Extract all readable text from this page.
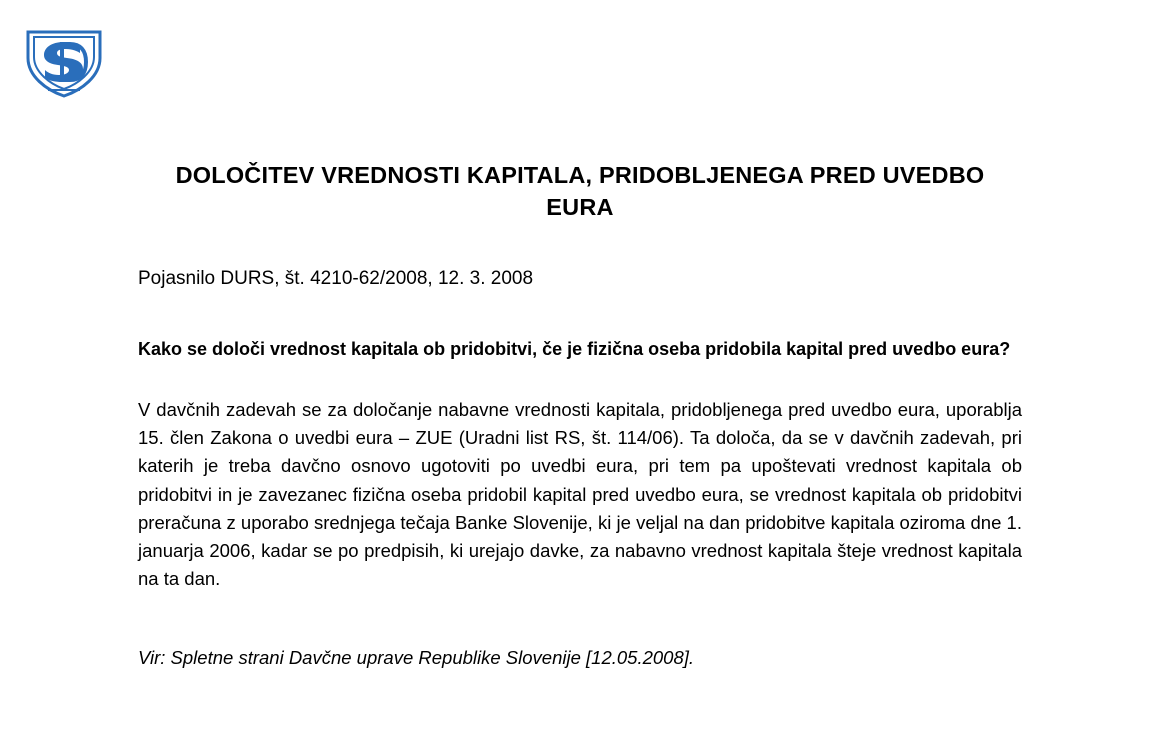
DOLOČITEV VREDNOSTI KAPITALA, PRIDOBLJENEGA PRED UVEDBO EURA

Pojasnilo DURS, št. 4210-62/2008, 12. 3. 2008

Kako se določi vrednost kapitala ob pridobitvi, če je fizična oseba pridobila kapital pred uvedbo eura?

V davčnih zadevah se za določanje nabavne vrednosti kapitala, pridobljenega pred uvedbo eura, uporablja 15. člen Zakona o uvedbi eura – ZUE (Uradni list RS, št. 114/06). Ta določa, da se v davčnih zadevah, pri katerih je treba davčno osnovo ugotoviti po uvedbi eura, pri tem pa upoštevati vrednost kapitala ob pridobitvi in je zavezanec fizična oseba pridobil kapital pred uvedbo eura, se vrednost kapitala ob pridobitvi preračuna z uporabo srednjega tečaja Banke Slovenije, ki je veljal na dan pridobitve kapitala oziroma dne 1. januarja 2006, kadar se po predpisih, ki urejajo davke, za nabavno vrednost kapitala šteje vrednost kapitala na ta dan.

Vir: Spletne strani Davčne uprave Republike Slovenije [12.05.2008].
